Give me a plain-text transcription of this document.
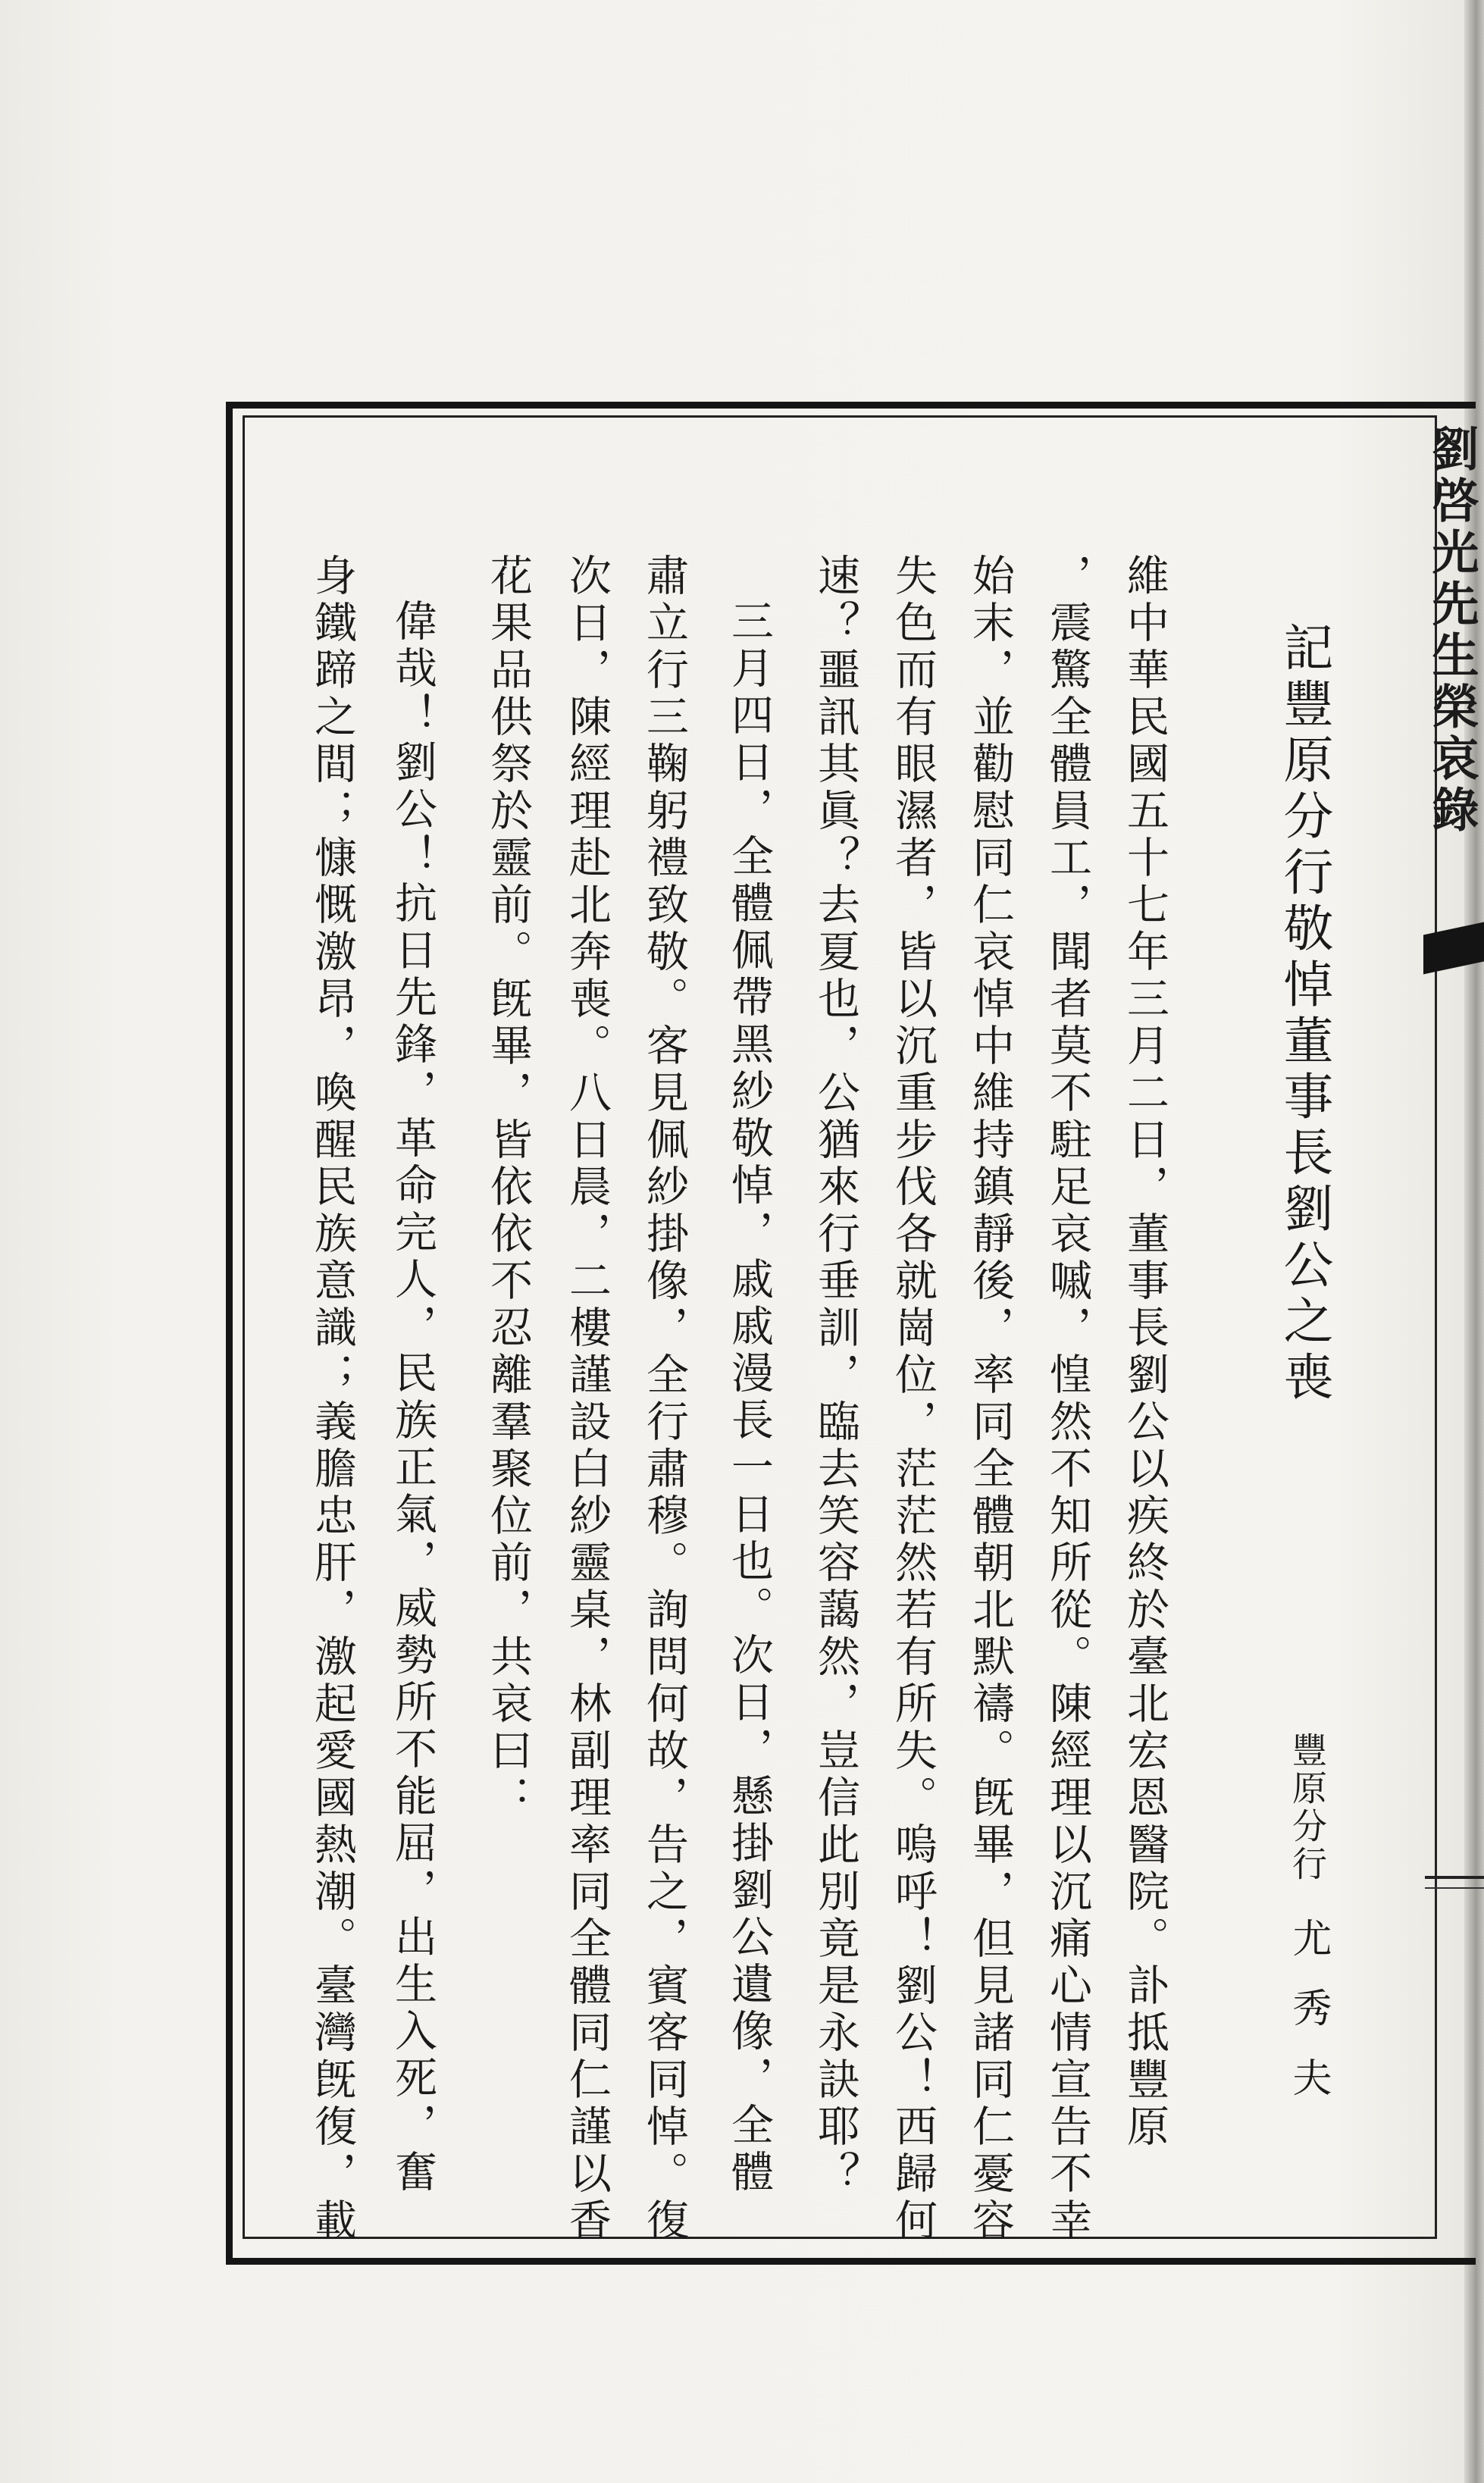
劉啓光先生榮哀錄
記豐原分行敬悼董事長劉公之喪
豐原分行
尤秀夫
維中華民國五十七年三月二日，董事長劉公以疾終於臺北宏恩醫院。訃抵豐原
，震驚全體員工，聞者莫不駐足哀嘁，惶然不知所從。陳經理以沉痛心情宣告不幸
始末，並勸慰同仁哀悼中維持鎮靜後，率同全體朝北默禱。旣畢，但見諸同仁憂容
失色而有眼濕者，皆以沉重步伐各就崗位，茫茫然若有所失。嗚呼！劉公！西歸何
速？噩訊其眞？去夏也，公猶來行垂訓，臨去笑容藹然，豈信此別竟是永訣耶？
三月四日，全體佩帶黑紗敬悼，戚戚漫長一日也。次日，懸掛劉公遺像，全體
肅立行三鞠躬禮致敬。客見佩紗掛像，全行肅穆。詢問何故，告之，賓客同悼。復
次日，陳經理赴北奔喪。八日晨，二樓謹設白紗靈桌，林副理率同全體同仁謹以香
花果品供祭於靈前。旣畢，皆依依不忍離羣聚位前，共哀曰：
偉哉！劉公！抗日先鋒，革命完人，民族正氣，威勢所不能屈，出生入死，奮
身鐵蹄之間；慷慨激昂，喚醒民族意識；義膽忠肝，激起愛國熱潮。臺灣旣復，載
